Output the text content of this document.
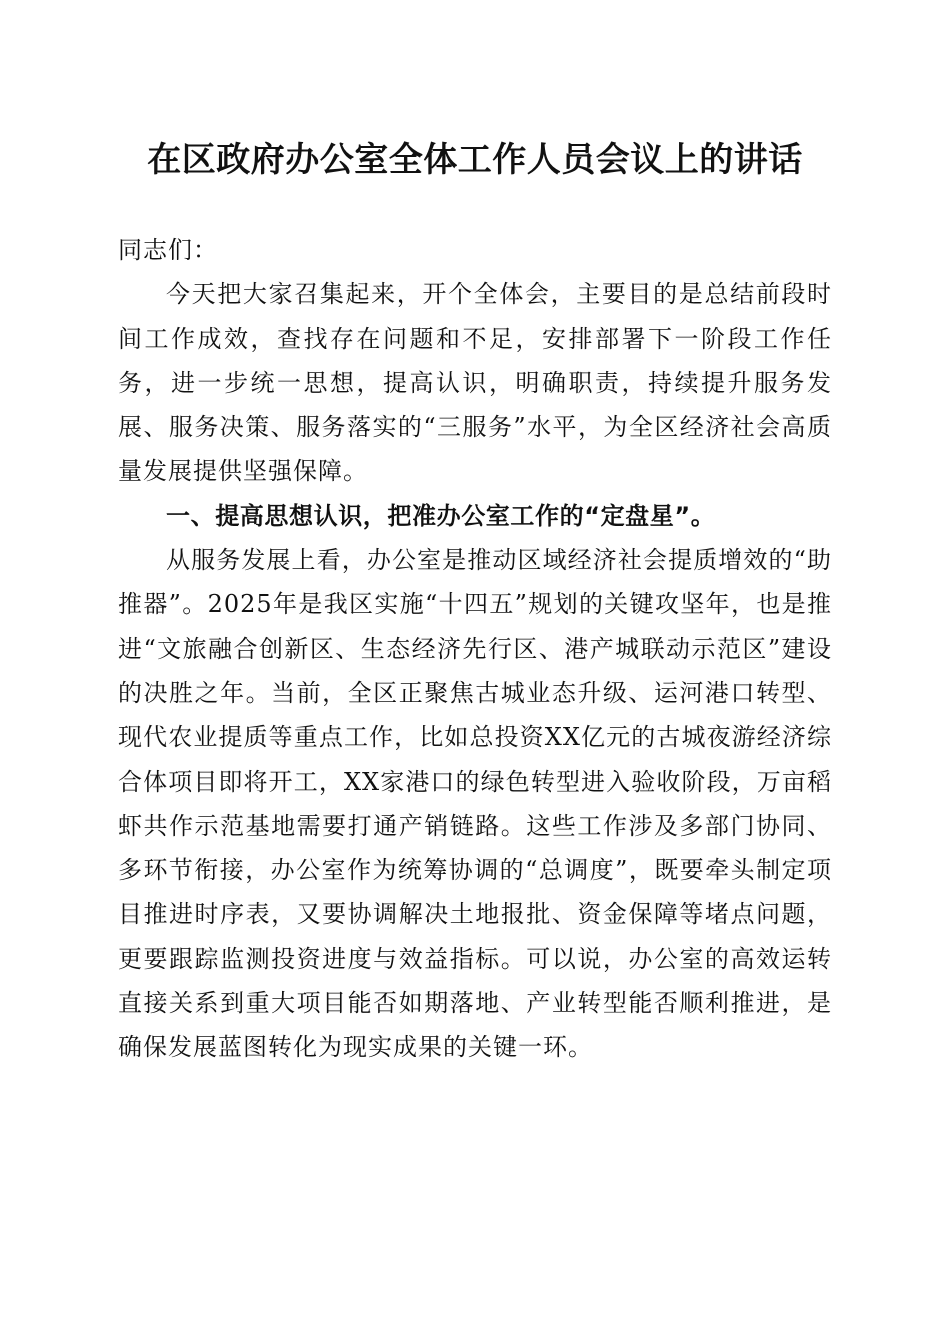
在区政府办公室全体工作人员会议上的讲话

同志们：

今天把大家召集起来，开个全体会，主要目的是总结前段时间工作成效，查找存在问题和不足，安排部署下一阶段工作任务，进一步统一思想，提高认识，明确职责，持续提升服务发展、服务决策、服务落实的“三服务”水平，为全区经济社会高质量发展提供坚强保障。

一、提高思想认识，把准办公室工作的“定盘星”。

从服务发展上看，办公室是推动区域经济社会提质增效的“助推器”。2025年是我区实施“十四五”规划的关键攻坚年，也是推进“文旅融合创新区、生态经济先行区、港产城联动示范区”建设的决胜之年。当前，全区正聚焦古城业态升级、运河港口转型、现代农业提质等重点工作，比如总投资XX亿元的古城夜游经济综合体项目即将开工，XX家港口的绿色转型进入验收阶段，万亩稻虾共作示范基地需要打通产销链路。这些工作涉及多部门协同、多环节衔接，办公室作为统筹协调的“总调度”，既要牵头制定项目推进时序表，又要协调解决土地报批、资金保障等堵点问题，更要跟踪监测投资进度与效益指标。可以说，办公室的高效运转直接关系到重大项目能否如期落地、产业转型能否顺利推进，是确保发展蓝图转化为现实成果的关键一环。
